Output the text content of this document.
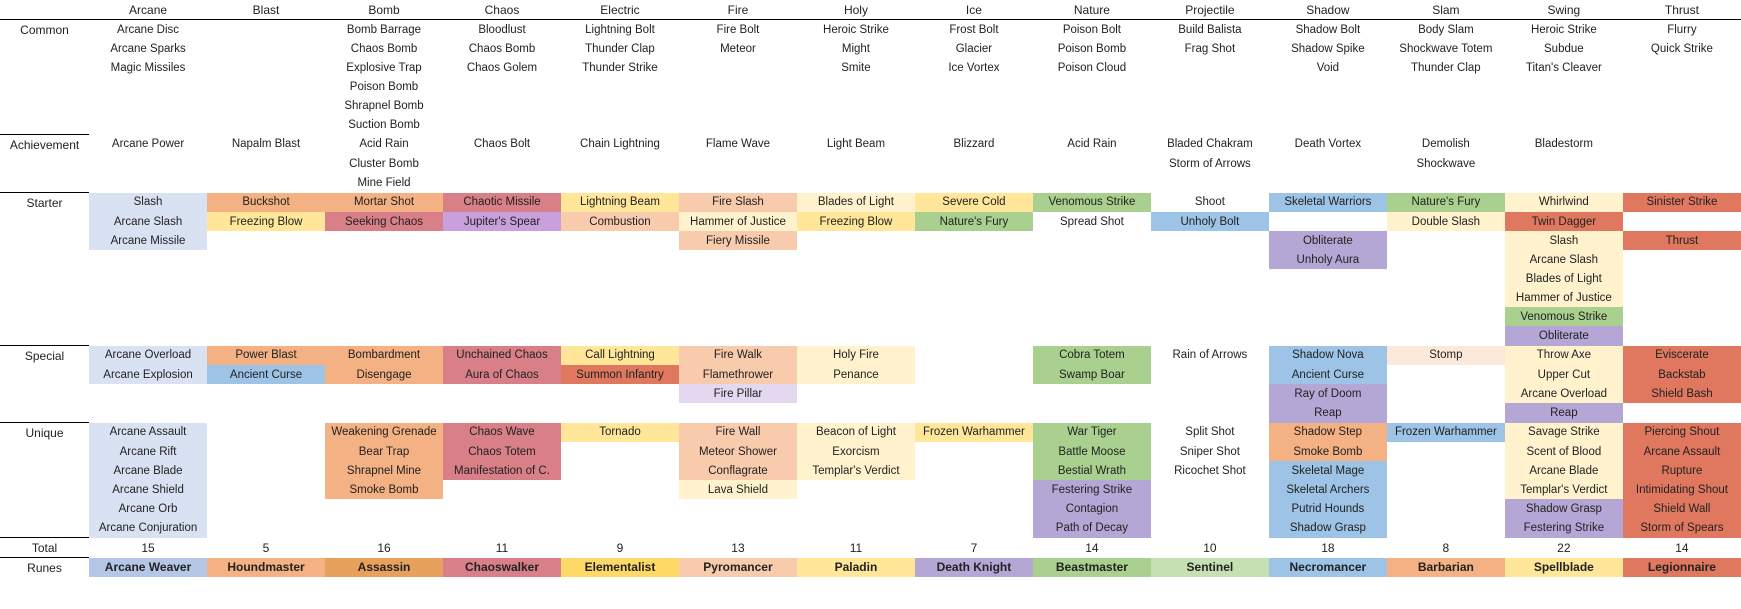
	Arcane	Blast	Bomb	Chaos	Electric	Fire	Holy	Ice	Nature	Projectile	Shadow	Slam	Swing	Thrust
Common	Arcane Disc		Bomb Barrage	Bloodlust	Lightning Bolt	Fire Bolt	Heroic Strike	Frost Bolt	Poison Bolt	Build Balista	Shadow Bolt	Body Slam	Heroic Strike	Flurry
	Arcane Sparks		Chaos Bomb	Chaos Bomb	Thunder Clap	Meteor	Might	Glacier	Poison Bomb	Frag Shot	Shadow Spike	Shockwave Totem	Subdue	Quick Strike
	Magic Missiles		Explosive Trap	Chaos Golem	Thunder Strike		Smite	Ice Vortex	Poison Cloud		Void	Thunder Clap	Titan's Cleaver	
			Poison Bomb											
			Shrapnel Bomb											
			Suction Bomb											
Achievement	Arcane Power	Napalm Blast	Acid Rain	Chaos Bolt	Chain Lightning	Flame Wave	Light Beam	Blizzard	Acid Rain	Bladed Chakram	Death Vortex	Demolish	Bladestorm	
			Cluster Bomb							Storm of Arrows		Shockwave		
			Mine Field											
Starter	Slash	Buckshot	Mortar Shot	Chaotic Missile	Lightning Beam	Fire Slash	Blades of Light	Severe Cold	Venomous Strike	Shoot	Skeletal Warriors	Nature's Fury	Whirlwind	Sinister Strike
	Arcane Slash	Freezing Blow	Seeking Chaos	Jupiter's Spear	Combustion	Hammer of Justice	Freezing Blow	Nature's Fury	Spread Shot	Unholy Bolt		Double Slash	Twin Dagger	
	Arcane Missile					Fiery Missile					Obliterate		Slash	Thrust
											Unholy Aura		Arcane Slash	
													Blades of Light	
													Hammer of Justice	
													Venomous Strike	
													Obliterate	
Special	Arcane Overload	Power Blast	Bombardment	Unchained Chaos	Call Lightning	Fire Walk	Holy Fire		Cobra Totem	Rain of Arrows	Shadow Nova	Stomp	Throw Axe	Eviscerate
	Arcane Explosion	Ancient Curse	Disengage	Aura of Chaos	Summon Infantry	Flamethrower	Penance		Swamp Boar		Ancient Curse		Upper Cut	Backstab
						Fire Pillar					Ray of Doom		Arcane Overload	Shield Bash
											Reap		Reap	
Unique	Arcane Assault		Weakening Grenade	Chaos Wave	Tornado	Fire Wall	Beacon of Light	Frozen Warhammer	War Tiger	Split Shot	Shadow Step	Frozen Warhammer	Savage Strike	Piercing Shout
	Arcane Rift		Bear Trap	Chaos Totem		Meteor Shower	Exorcism		Battle Moose	Sniper Shot	Smoke Bomb		Scent of Blood	Arcane Assault
	Arcane Blade		Shrapnel Mine	Manifestation of C.		Conflagrate	Templar's Verdict		Bestial Wrath	Ricochet Shot	Skeletal Mage		Arcane Blade	Rupture
	Arcane Shield		Smoke Bomb			Lava Shield			Festering Strike		Skeletal Archers		Templar's Verdict	Intimidating Shout
	Arcane Orb								Contagion		Putrid Hounds		Shadow Grasp	Shield Wall
	Arcane Conjuration								Path of Decay		Shadow Grasp		Festering Strike	Storm of Spears
Total	15	5	16	11	9	13	11	7	14	10	18	8	22	14
Runes	Arcane Weaver	Houndmaster	Assassin	Chaoswalker	Elementalist	Pyromancer	Paladin	Death Knight	Beastmaster	Sentinel	Necromancer	Barbarian	Spellblade	Legionnaire
